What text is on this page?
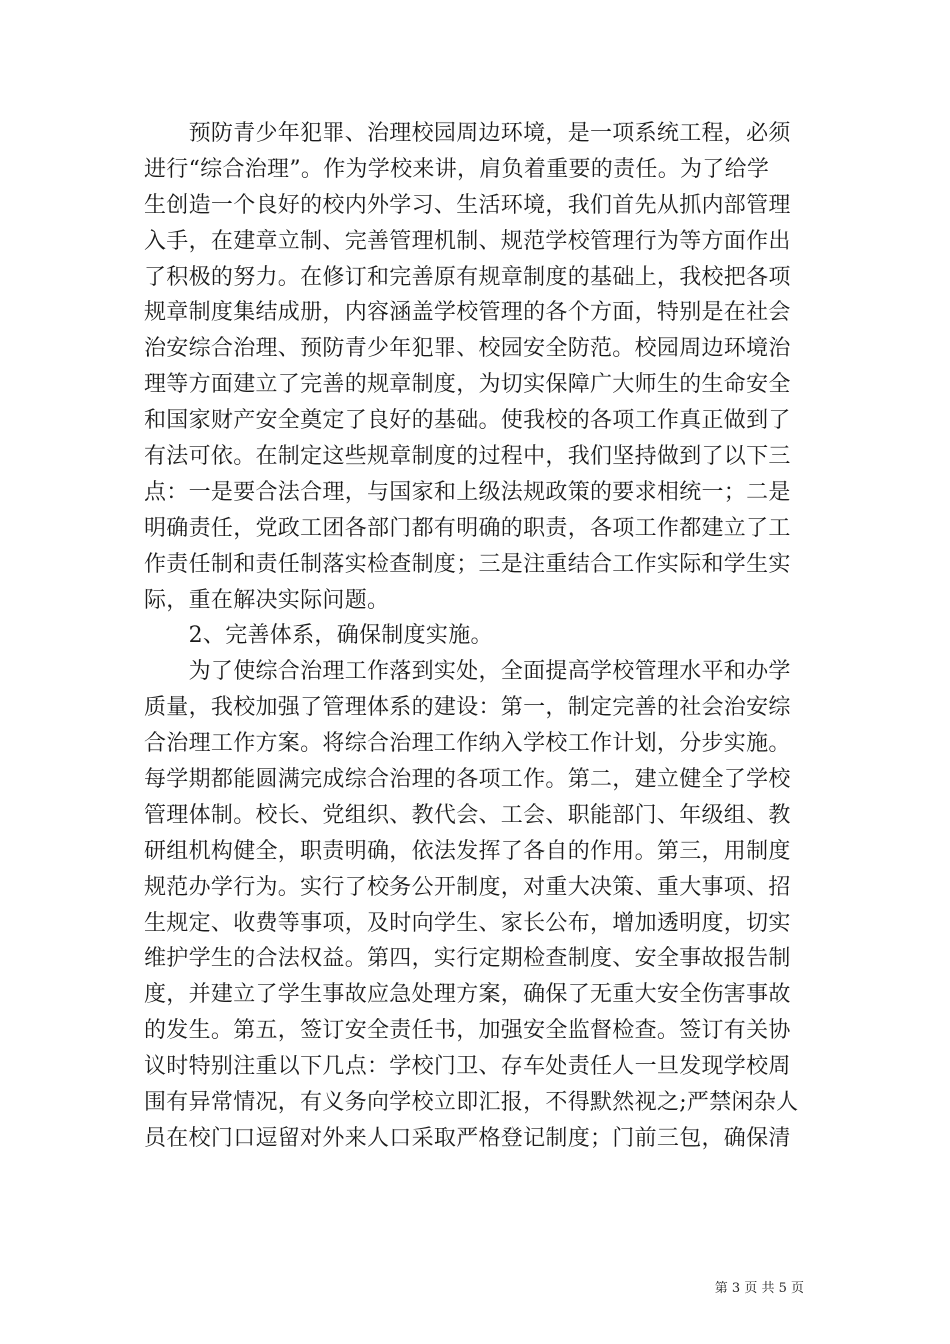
　　预防青少年犯罪、治理校园周边环境，是一项系统工程，必须
进行“综合治理”。作为学校来讲，肩负着重要的责任。为了给学
生创造一个良好的校内外学习、生活环境，我们首先从抓内部管理
入手，在建章立制、完善管理机制、规范学校管理行为等方面作出
了积极的努力。在修订和完善原有规章制度的基础上，我校把各项
规章制度集结成册，内容涵盖学校管理的各个方面，特别是在社会
治安综合治理、预防青少年犯罪、校园安全防范。校园周边环境治
理等方面建立了完善的规章制度，为切实保障广大师生的生命安全
和国家财产安全奠定了良好的基础。使我校的各项工作真正做到了
有法可依。在制定这些规章制度的过程中，我们坚持做到了以下三
点：一是要合法合理，与国家和上级法规政策的要求相统一；二是
明确责任，党政工团各部门都有明确的职责，各项工作都建立了工
作责任制和责任制落实检查制度；三是注重结合工作实际和学生实
际，重在解决实际问题。
　　2、完善体系，确保制度实施。
　　为了使综合治理工作落到实处，全面提高学校管理水平和办学
质量，我校加强了管理体系的建设：第一，制定完善的社会治安综
合治理工作方案。将综合治理工作纳入学校工作计划，分步实施。
每学期都能圆满完成综合治理的各项工作。第二，建立健全了学校
管理体制。校长、党组织、教代会、工会、职能部门、年级组、教
研组机构健全，职责明确，依法发挥了各自的作用。第三，用制度
规范办学行为。实行了校务公开制度，对重大决策、重大事项、招
生规定、收费等事项，及时向学生、家长公布，增加透明度，切实
维护学生的合法权益。第四，实行定期检查制度、安全事故报告制
度，并建立了学生事故应急处理方案，确保了无重大安全伤害事故
的发生。第五，签订安全责任书，加强安全监督检查。签订有关协
议时特别注重以下几点：学校门卫、存车处责任人一旦发现学校周
围有异常情况，有义务向学校立即汇报，不得默然视之;严禁闲杂人
员在校门口逗留对外来人口采取严格登记制度；门前三包，确保清
第 3 页 共 5 页
